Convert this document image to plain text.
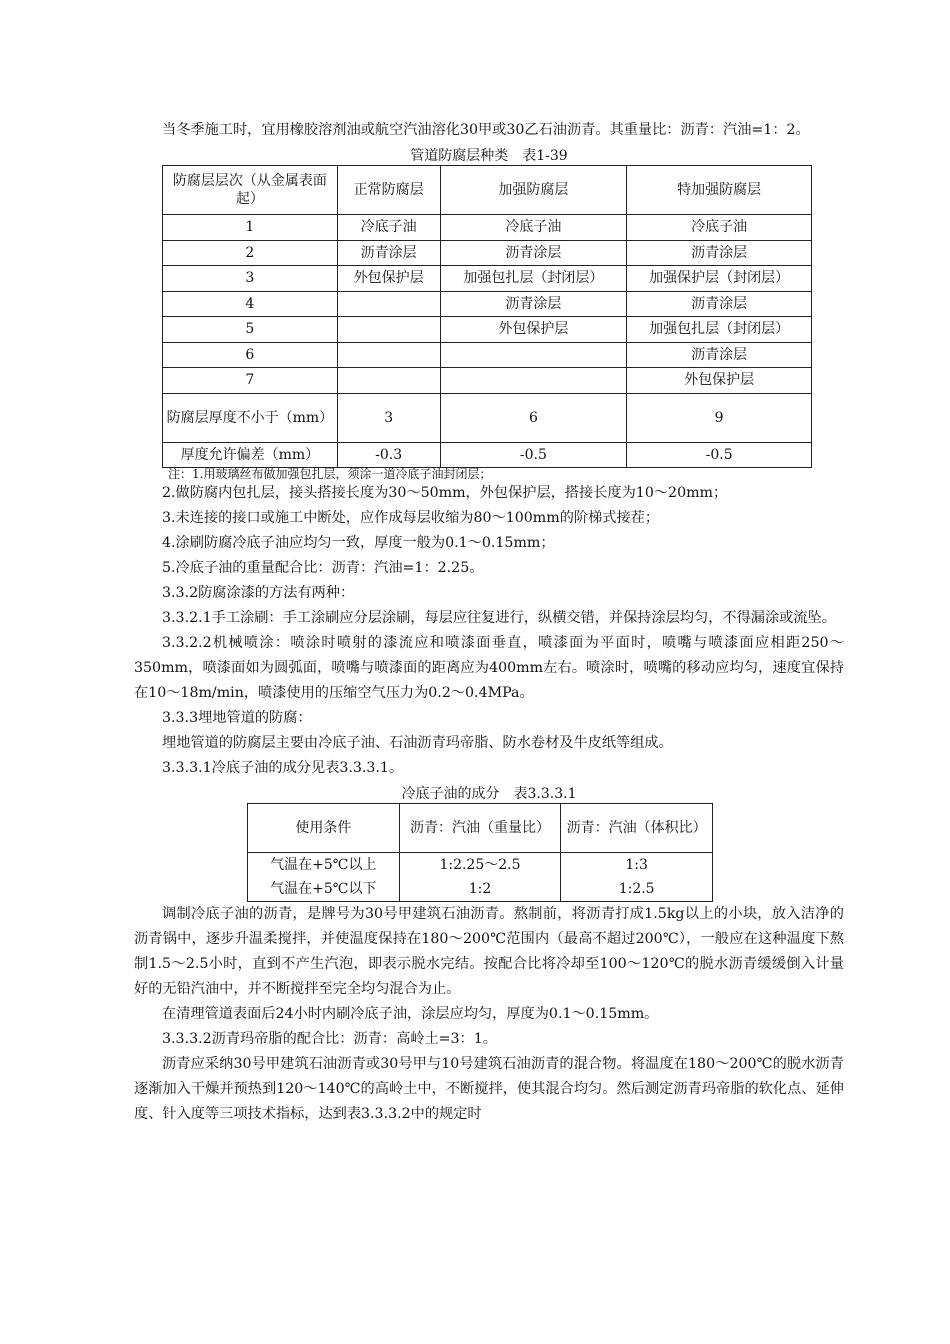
当冬季施工时，宜用橡胶溶剂油或航空汽油溶化30甲或30乙石油沥青。其重量比：沥青：汽油=1：2。

管道防腐层种类　表1-39
防腐层层次（从金属表面起）	正常防腐层	加强防腐层	特加强防腐层
1	冷底子油	冷底子油	冷底子油
2	沥青涂层	沥青涂层	沥青涂层
3	外包保护层	加强包扎层（封闭层）	加强保护层（封闭层）
4		沥青涂层	沥青涂层
5		外包保护层	加强包扎层（封闭层）
6			沥青涂层
7			外包保护层
防腐层厚度不小于（mm）	3	6	9
厚度允许偏差（mm）	-0.3	-0.5	-0.5
注：1.用玻璃丝布做加强包扎层，须涂一道冷底子油封闭层；

2.做防腐内包扎层，接头搭接长度为30～50mm，外包保护层，搭接长度为10～20mm；

3.未连接的接口或施工中断处，应作成每层收缩为80～100mm的阶梯式接茬；

4.涂刷防腐冷底子油应均匀一致，厚度一般为0.1～0.15mm；

5.冷底子油的重量配合比：沥青：汽油=1：2.25。

3.3.2防腐涂漆的方法有两种：

3.3.2.1手工涂刷：手工涂刷应分层涂刷，每层应往复进行，纵横交错，并保持涂层均匀，不得漏涂或流坠。

3.3.2.2机械喷涂：喷涂时喷射的漆流应和喷漆面垂直，喷漆面为平面时，喷嘴与喷漆面应相距250～350mm，喷漆面如为圆弧面，喷嘴与喷漆面的距离应为400mm左右。喷涂时，喷嘴的移动应均匀，速度宜保持在10～18m/min，喷漆使用的压缩空气压力为0.2～0.4MPa。

3.3.3埋地管道的防腐：

埋地管道的防腐层主要由冷底子油、石油沥青玛帝脂、防水卷材及牛皮纸等组成。

3.3.3.1冷底子油的成分见表3.3.3.1。

冷底子油的成分　表3.3.3.1
使用条件	沥青：汽油（重量比）	沥青：汽油（体积比）
气温在+5℃以上	1:2.25～2.5	1:3
气温在+5℃以下	1:2	1:2.5

调制冷底子油的沥青，是牌号为30号甲建筑石油沥青。熬制前，将沥青打成1.5kg以上的小块，放入洁净的沥青锅中，逐步升温柔搅拌，并使温度保持在180～200℃范围内（最高不超过200℃），一般应在这种温度下熬制1.5～2.5小时，直到不产生汽泡，即表示脱水完结。按配合比将冷却至100～120℃的脱水沥青缓缓倒入计量好的无铅汽油中，并不断搅拌至完全均匀混合为止。

在清理管道表面后24小时内刷冷底子油，涂层应均匀，厚度为0.1～0.15mm。

3.3.3.2沥青玛帝脂的配合比：沥青：高岭土=3：1。

沥青应采纳30号甲建筑石油沥青或30号甲与10号建筑石油沥青的混合物。将温度在180～200℃的脱水沥青逐渐加入干燥并预热到120～140℃的高岭土中，不断搅拌，使其混合均匀。然后测定沥青玛帝脂的软化点、延伸度、针入度等三项技术指标，达到表3.3.3.2中的规定时
